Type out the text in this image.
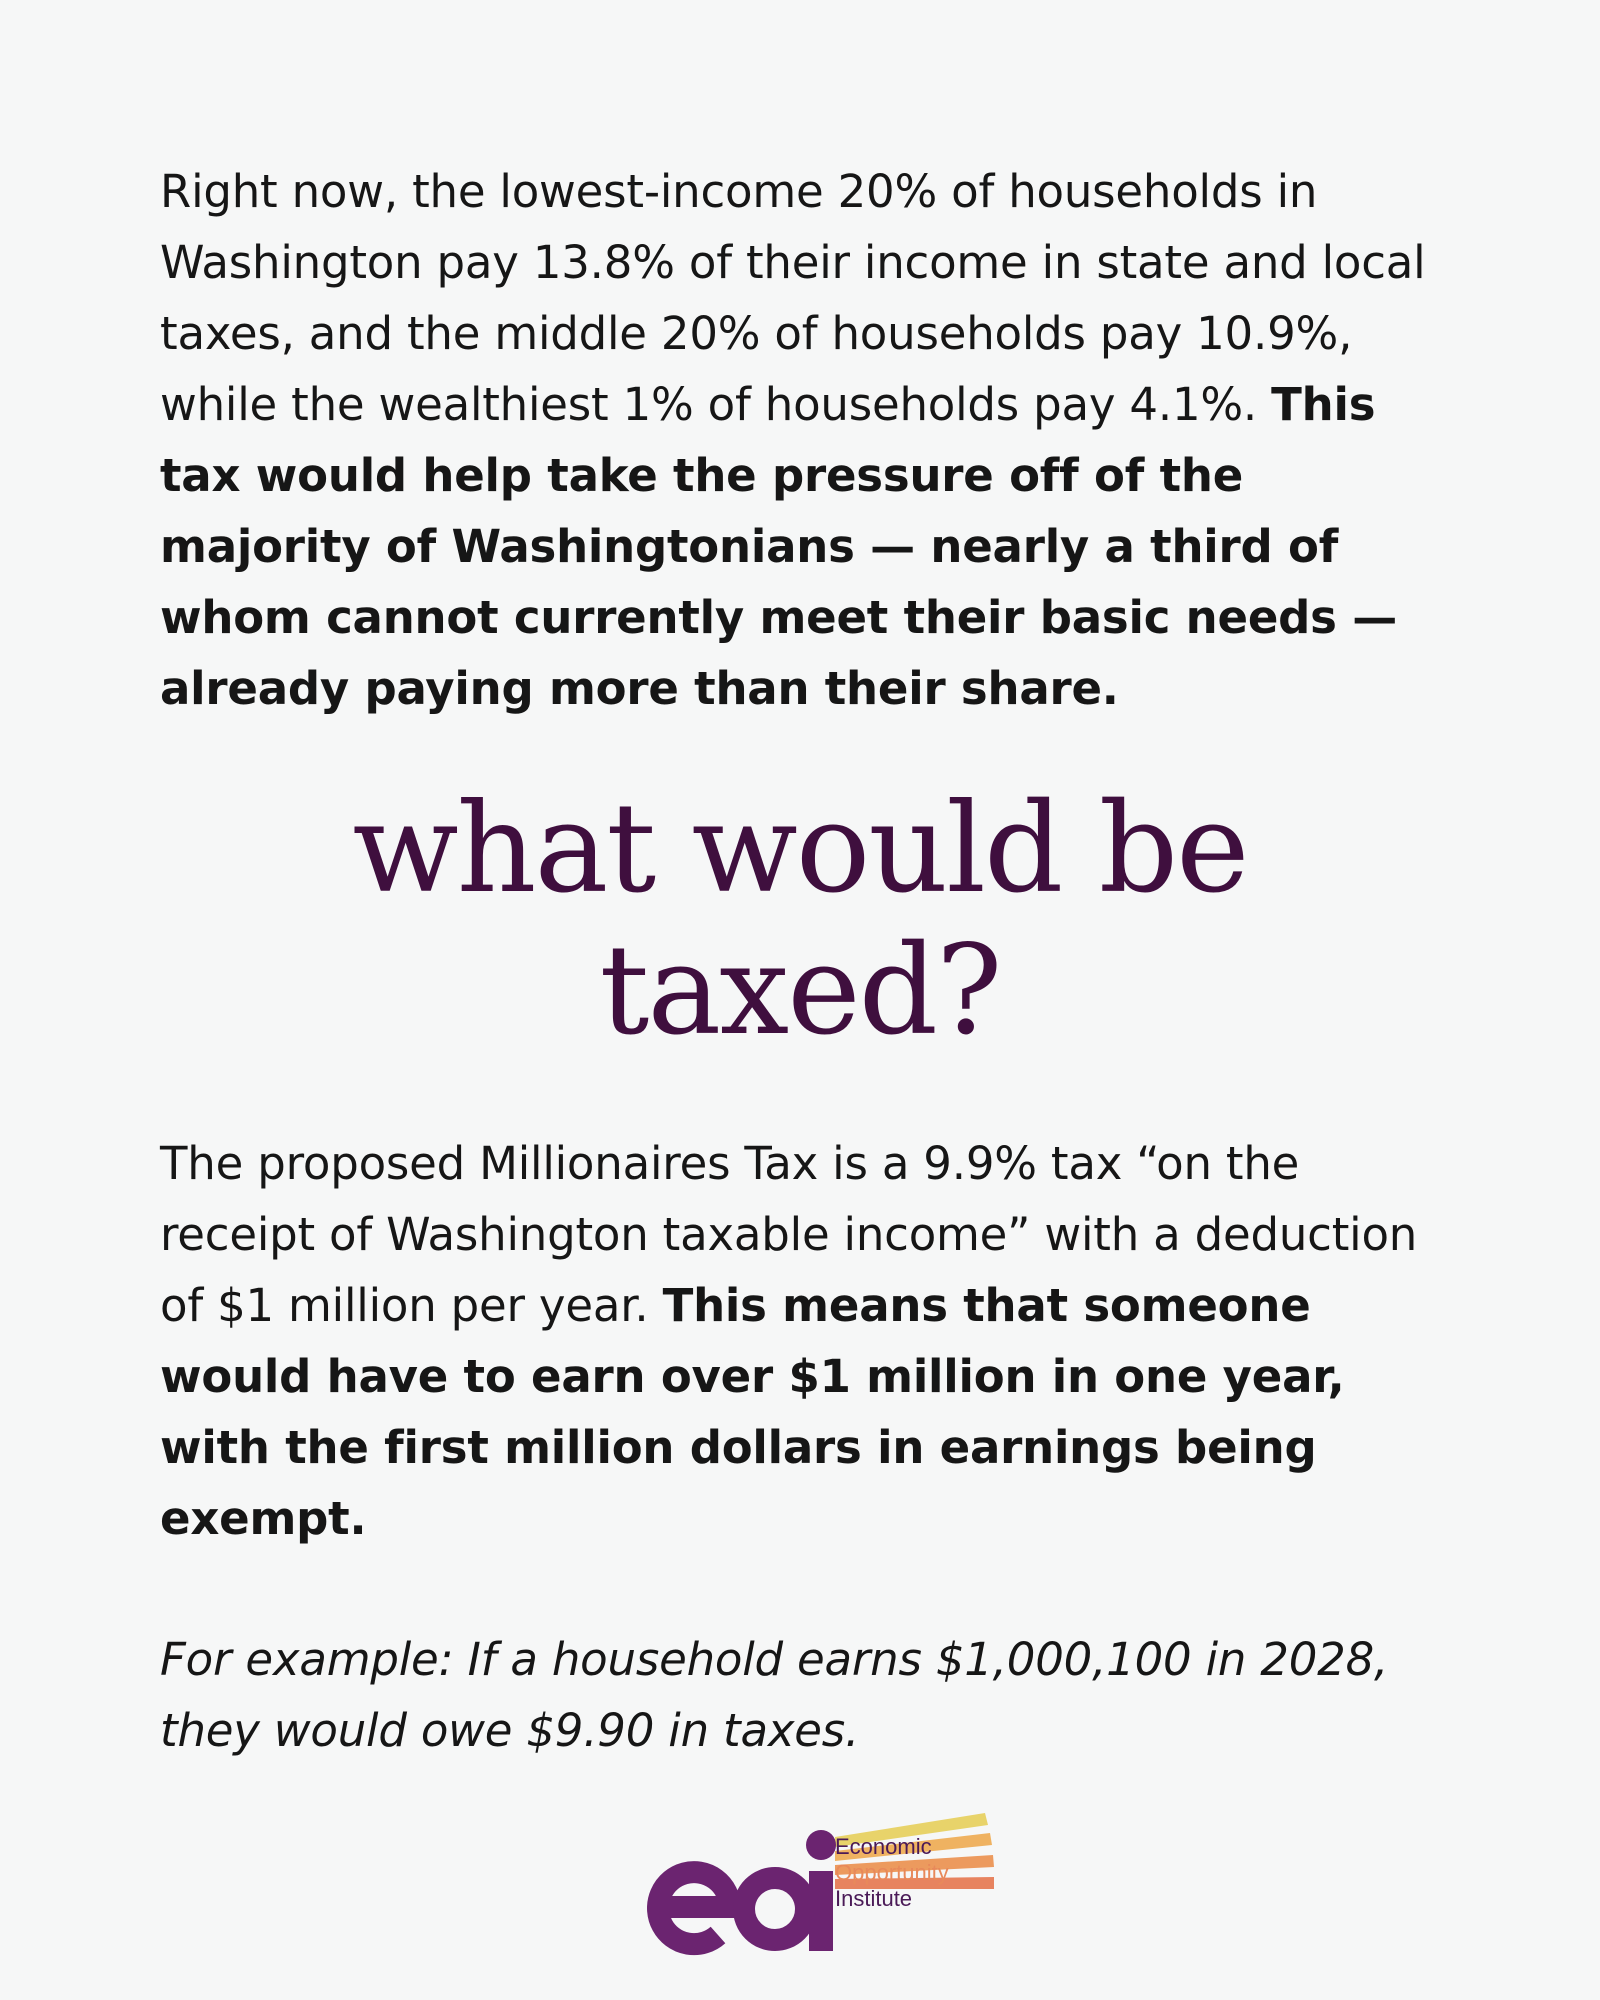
Right now, the lowest-income 20% of households in Washington pay 13.8% of their income in state and local taxes, and the middle 20% of households pay 10.9%, while the wealthiest 1% of households pay 4.1%. This tax would help take the pressure off of the majority of Washingtonians — nearly a third of whom cannot currently meet their basic needs — already paying more than their share.

what would be
taxed?

The proposed Millionaires Tax is a 9.9% tax “on the receipt of Washington taxable income” with a deduction of $1 million per year. This means that someone would have to earn over $1 million in one year, with the first million dollars in earnings being exempt.

For example: If a household earns $1,000,100 in 2028, they would owe $9.90 in taxes.

Economic
Opportunity
Institute
